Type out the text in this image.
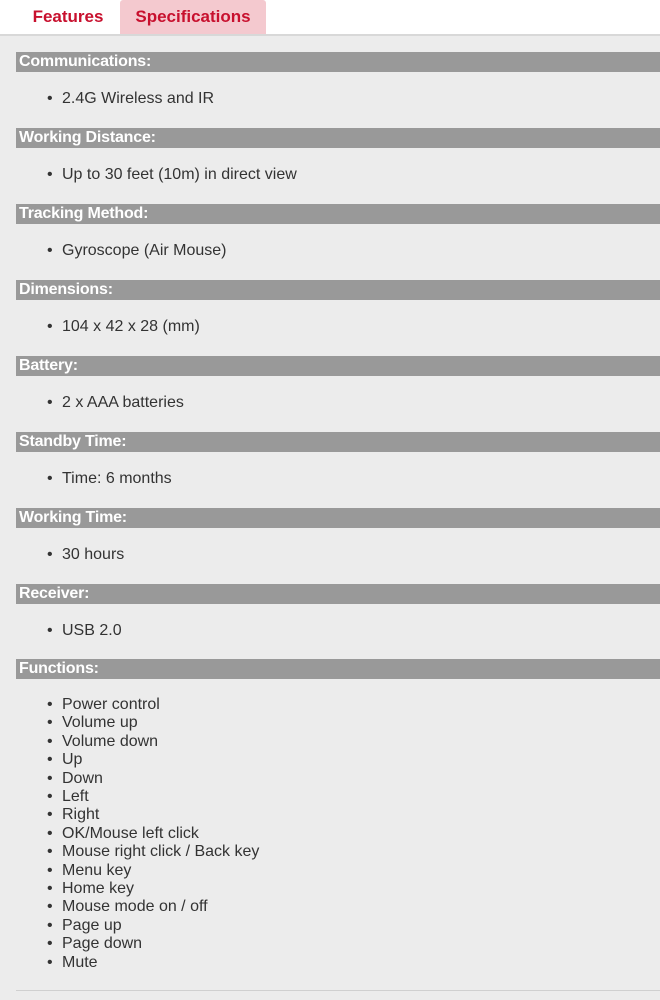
Features	Specifications
Communications:
• 2.4G Wireless and IR
Working Distance:
• Up to 30 feet (10m) in direct view
Tracking Method:
• Gyroscope (Air Mouse)
Dimensions:
• 104 x 42 x 28 (mm)
Battery:
• 2 x AAA batteries
Standby Time:
• Time: 6 months
Working Time:
• 30 hours
Receiver:
• USB 2.0
Functions:
• Power control
• Volume up
• Volume down
• Up
• Down
• Left
• Right
• OK/Mouse left click
• Mouse right click / Back key
• Menu key
• Home key
• Mouse mode on / off
• Page up
• Page down
• Mute
